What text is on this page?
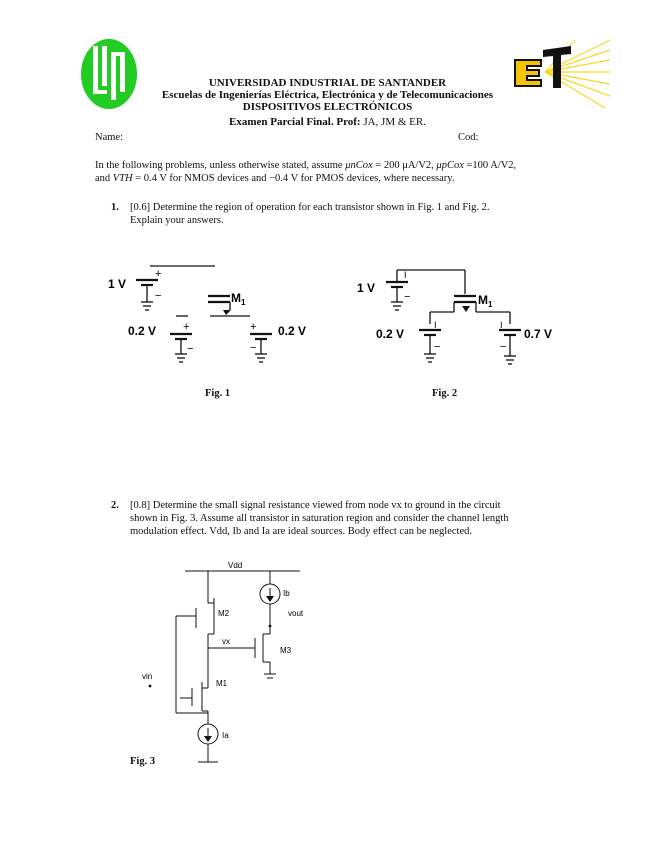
UNIVERSIDAD INDUSTRIAL DE SANTANDER
Escuelas de Ingenierías Eléctrica, Electrónica y de Telecomunicaciones
DISPOSITIVOS ELECTRÓNICOS
Examen Parcial Final. Prof: JA, JM & ER.
Name:	Cod:
In the following problems, unless otherwise stated, assume μnCox = 200 μA/V2, μpCox =100 A/V2,
and VTH = 0.4 V for NMOS devices and −0.4 V for PMOS devices, where necessary.
1. [0.6] Determine the region of operation for each transistor shown in Fig. 1 and Fig. 2.
Explain your answers.
+
−
+
−
+
−
1 V
0.2 V	0.2 V
$M_1$
I
−
I
−
I
−
1 V
0.2 V	0.7 V
$M_1$
Fig. 1	Fig. 2
2. [0.8] Determine the small signal resistance viewed from node vx to ground in the circuit
shown in Fig. 3. Assume all transistor in saturation region and consider the channel length
modulation effect. Vdd, Ib and Ia are ideal sources. Body effect can be neglected.
Vdd
Ib
vout
M2
vx
M3
vin
M1
Ia
Fig. 3
